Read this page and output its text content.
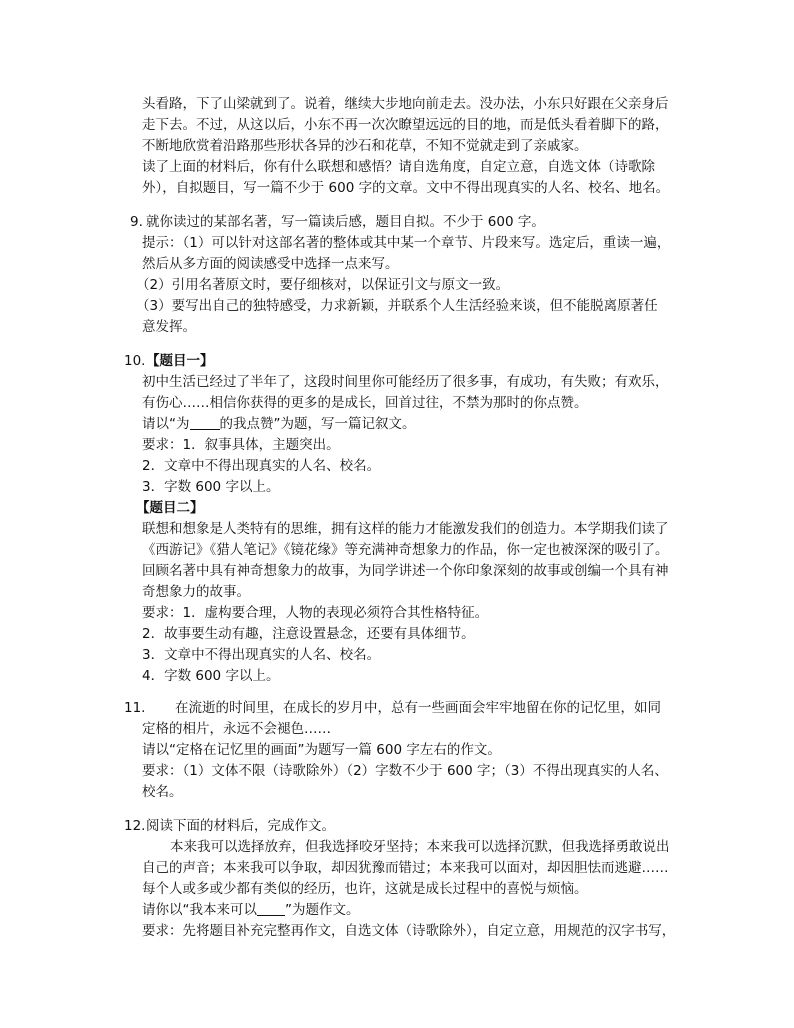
头看路，下了山梁就到了。说着，继续大步地向前走去。没办法，小东只好跟在父亲身后
走下去。不过，从这以后，小东不再一次次瞭望远远的目的地，而是低头看着脚下的路，
不断地欣赏着沿路那些形状各异的沙石和花草，不知不觉就走到了亲戚家。
读了上面的材料后，你有什么联想和感悟？请自选角度，自定立意，自选文体（诗歌除
外），自拟题目，写一篇不少于 600 字的文章。文中不得出现真实的人名、校名、地名。
9. 就你读过的某部名著，写一篇读后感，题目自拟。不少于 600 字。
提示：（1）可以针对这部名著的整体或其中某一个章节、片段来写。选定后，重读一遍，
然后从多方面的阅读感受中选择一点来写。
（2）引用名著原文时，要仔细核对，以保证引文与原文一致。
（3）要写出自己的独特感受，力求新颖，并联系个人生活经验来谈，但不能脱离原著任
意发挥。
10. 【题目一】
初中生活已经过了半年了，这段时间里你可能经历了很多事，有成功，有失败；有欢乐，
有伤心……相信你获得的更多的是成长，回首过往，不禁为那时的你点赞。
请以“为 的我点赞”为题，写一篇记叙文。
要求：1．叙事具体，主题突出。
2．文章中不得出现真实的人名、校名。
3．字数 600 字以上。
【题目二】
联想和想象是人类特有的思维，拥有这样的能力才能激发我们的创造力。本学期我们读了
《西游记》《猎人笔记》《镜花缘》等充满神奇想象力的作品，你一定也被深深的吸引了。
回顾名著中具有神奇想象力的故事，为同学讲述一个你印象深刻的故事或创编一个具有神
奇想象力的故事。
要求：1．虚构要合理，人物的表现必须符合其性格特征。
2．故事要生动有趣，注意设置悬念，还要有具体细节。
3．文章中不得出现真实的人名、校名。
4．字数 600 字以上。
11. 在流逝的时间里，在成长的岁月中，总有一些画面会牢牢地留在你的记忆里，如同
定格的相片，永远不会褪色……
请以“定格在记忆里的画面”为题写一篇 600 字左右的作文。
要求：（1）文体不限（诗歌除外）（2）字数不少于 600 字；（3）不得出现真实的人名、
校名。
12. 阅读下面的材料后，完成作文。
本来我可以选择放弃，但我选择咬牙坚持；本来我可以选择沉默，但我选择勇敢说出
自己的声音；本来我可以争取，却因犹豫而错过；本来我可以面对，却因胆怯而逃避……
每个人或多或少都有类似的经历，也许，这就是成长过程中的喜悦与烦恼。
请你以“我本来可以 ”为题作文。
要求：先将题目补充完整再作文，自选文体（诗歌除外），自定立意，用规范的汉字书写，
